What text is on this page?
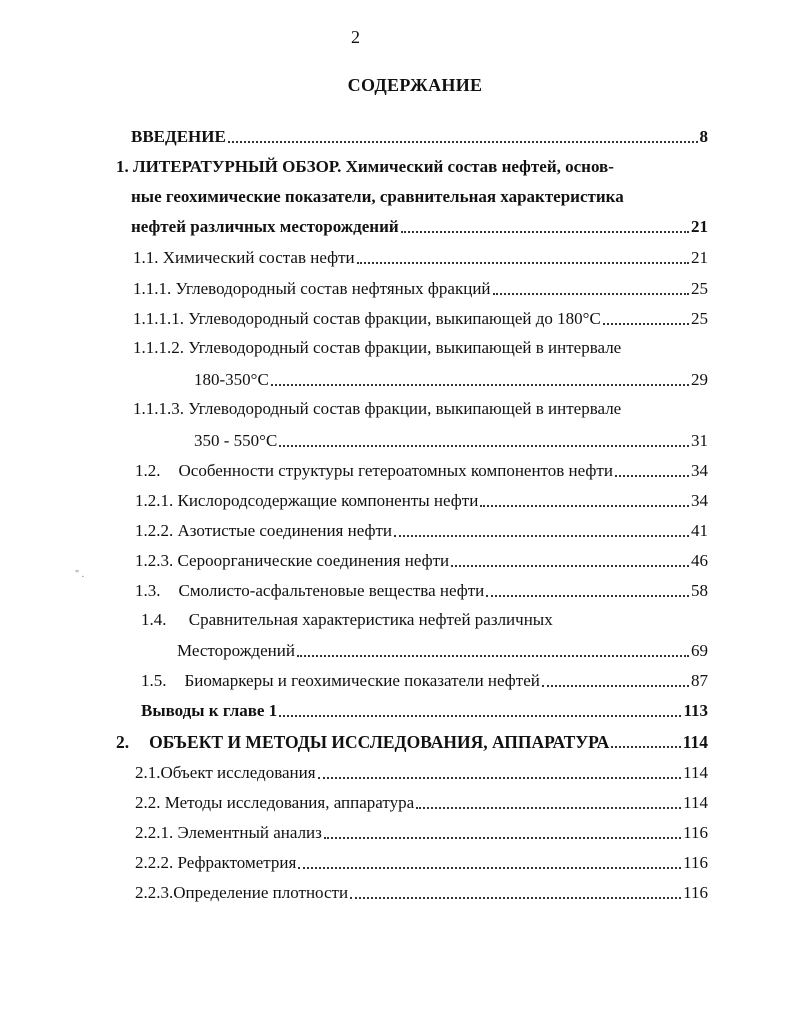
2
СОДЕРЖАНИЕ
" .
ВВЕДЕНИЕ	8
1. ЛИТЕРАТУРНЫЙ ОБЗОР. Химический состав нефтей, основ-
ные геохимические показатели, сравнительная характеристика
нефтей различных месторождений	21
1.1. Химический состав нефти	21
1.1.1. Углеводородный состав нефтяных фракций	25
1.1.1.1. Углеводородный состав фракции, выкипающей до 180°С	25
1.1.1.2. Углеводородный состав фракции, выкипающей в интервале
180-350°С	29
1.1.1.3. Углеводородный состав фракции, выкипающей в интервале
350 - 550°С	31
1.2. Особенности структуры гетероатомных компонентов нефти	34
1.2.1. Кислородсодержащие компоненты нефти	34
1.2.2. Азотистые соединения нефти	41
1.2.3. Сероорганические соединения нефти	46
1.3. Смолисто-асфальтеновые вещества нефти	58
1.4. Сравнительная характеристика нефтей различных
Месторождений	69
1.5. Биомаркеры и геохимические показатели нефтей	87
Выводы к главе 1	113
2. ОБЪЕКТ И МЕТОДЫ ИССЛЕДОВАНИЯ, АППАРАТУРА	114
2.1.Объект исследования	114
2.2. Методы исследования, аппаратура	114
2.2.1. Элементный анализ	116
2.2.2. Рефрактометрия	116
2.2.3.Определение плотности	116
